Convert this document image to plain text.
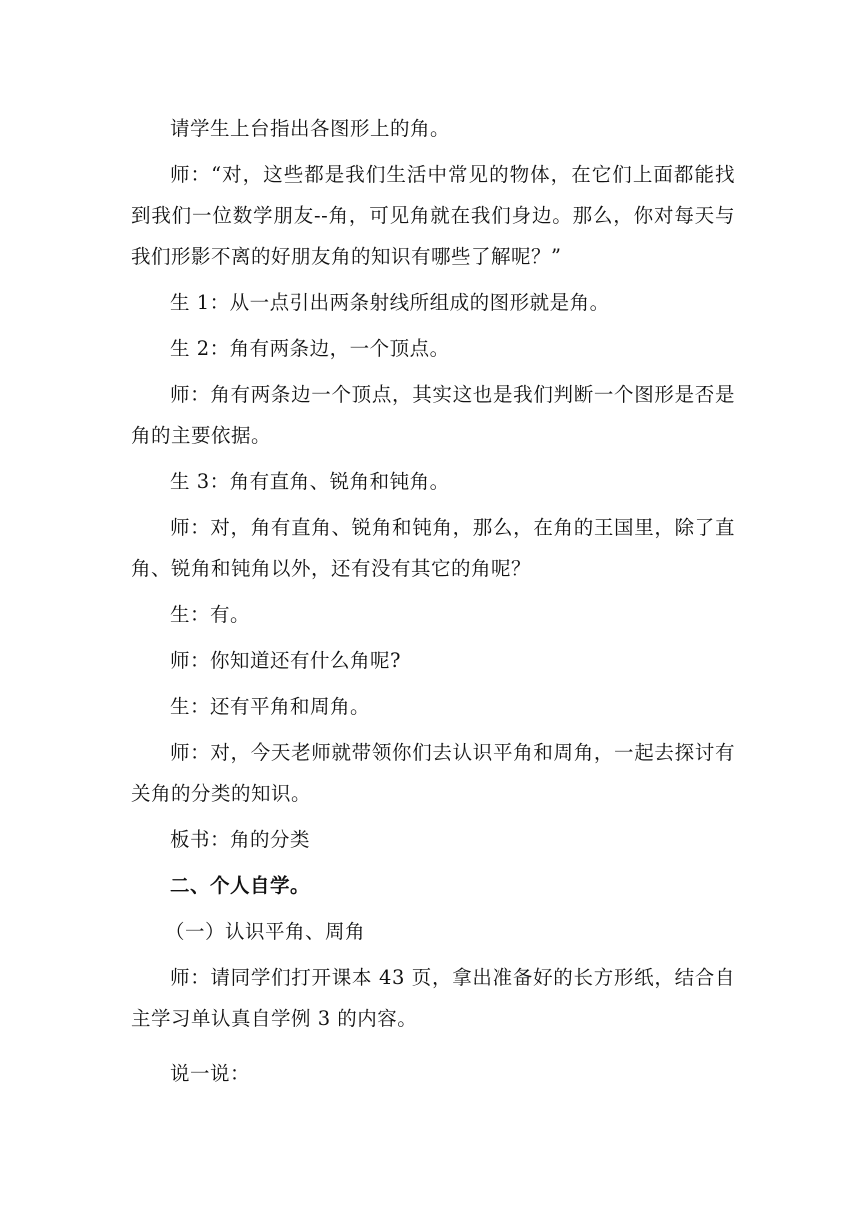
请学生上台指出各图形上的角。

师：“对，这些都是我们生活中常见的物体，在它们上面都能找到我们一位数学朋友--角，可见角就在我们身边。那么，你对每天与我们形影不离的好朋友角的知识有哪些了解呢？”

生 1：从一点引出两条射线所组成的图形就是角。

生 2：角有两条边，一个顶点。

师：角有两条边一个顶点，其实这也是我们判断一个图形是否是角的主要依据。

生 3：角有直角、锐角和钝角。

师：对，角有直角、锐角和钝角，那么，在角的王国里，除了直角、锐角和钝角以外，还有没有其它的角呢？

生：有。

师：你知道还有什么角呢?

生：还有平角和周角。

师：对，今天老师就带领你们去认识平角和周角，一起去探讨有关角的分类的知识。

板书：角的分类

二、个人自学。

（一）认识平角、周角

师：请同学们打开课本 43 页，拿出准备好的长方形纸，结合自主学习单认真自学例 3 的内容。

说一说：
